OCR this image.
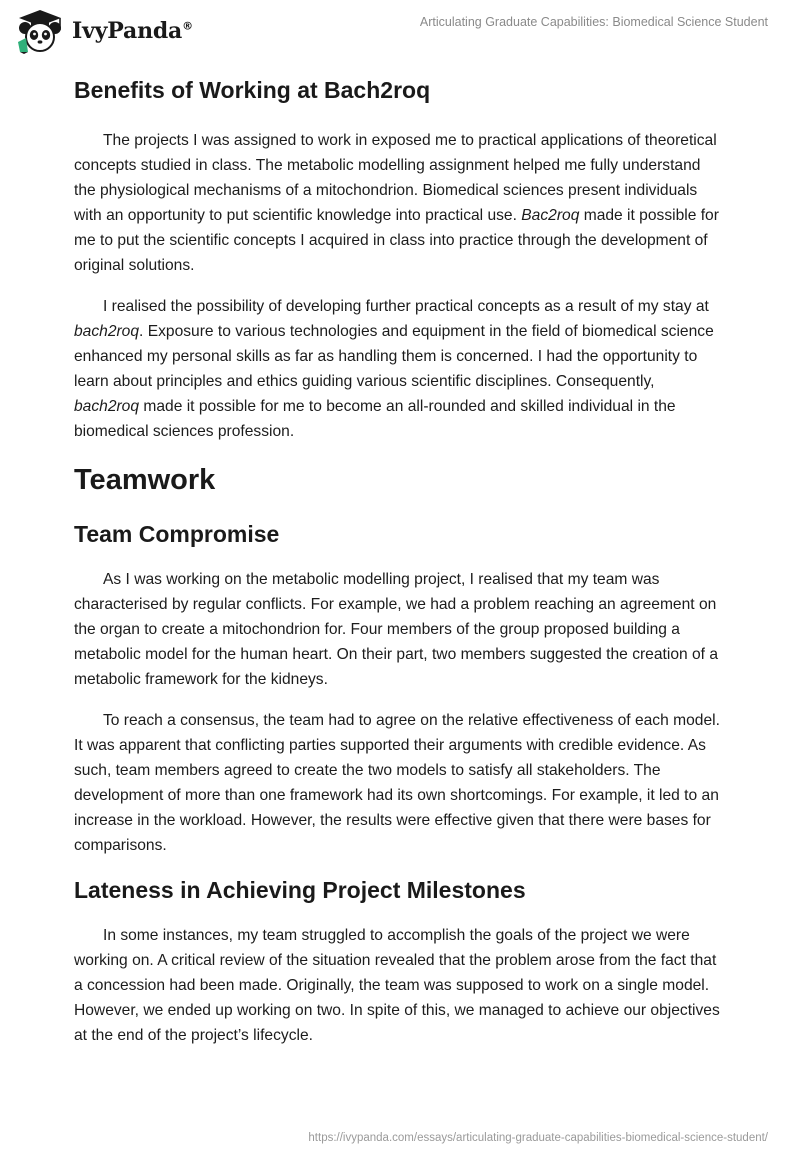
IvyPanda®	Articulating Graduate Capabilities: Biomedical Science Student
Benefits of Working at Bach2roq

The projects I was assigned to work in exposed me to practical applications of theoretical concepts studied in class. The metabolic modelling assignment helped me fully understand the physiological mechanisms of a mitochondrion. Biomedical sciences present individuals with an opportunity to put scientific knowledge into practical use. Bac2roq made it possible for me to put the scientific concepts I acquired in class into practice through the development of original solutions.

I realised the possibility of developing further practical concepts as a result of my stay at bach2roq. Exposure to various technologies and equipment in the field of biomedical science enhanced my personal skills as far as handling them is concerned. I had the opportunity to learn about principles and ethics guiding various scientific disciplines. Consequently, bach2roq made it possible for me to become an all-rounded and skilled individual in the biomedical sciences profession.

Teamwork
Team Compromise

As I was working on the metabolic modelling project, I realised that my team was characterised by regular conflicts. For example, we had a problem reaching an agreement on the organ to create a mitochondrion for. Four members of the group proposed building a metabolic model for the human heart. On their part, two members suggested the creation of a metabolic framework for the kidneys.

To reach a consensus, the team had to agree on the relative effectiveness of each model. It was apparent that conflicting parties supported their arguments with credible evidence. As such, team members agreed to create the two models to satisfy all stakeholders. The development of more than one framework had its own shortcomings. For example, it led to an increase in the workload. However, the results were effective given that there were bases for comparisons.

Lateness in Achieving Project Milestones

In some instances, my team struggled to accomplish the goals of the project we were working on. A critical review of the situation revealed that the problem arose from the fact that a concession had been made. Originally, the team was supposed to work on a single model. However, we ended up working on two. In spite of this, we managed to achieve our objectives at the end of the project’s lifecycle.

https://ivypanda.com/essays/articulating-graduate-capabilities-biomedical-science-student/
